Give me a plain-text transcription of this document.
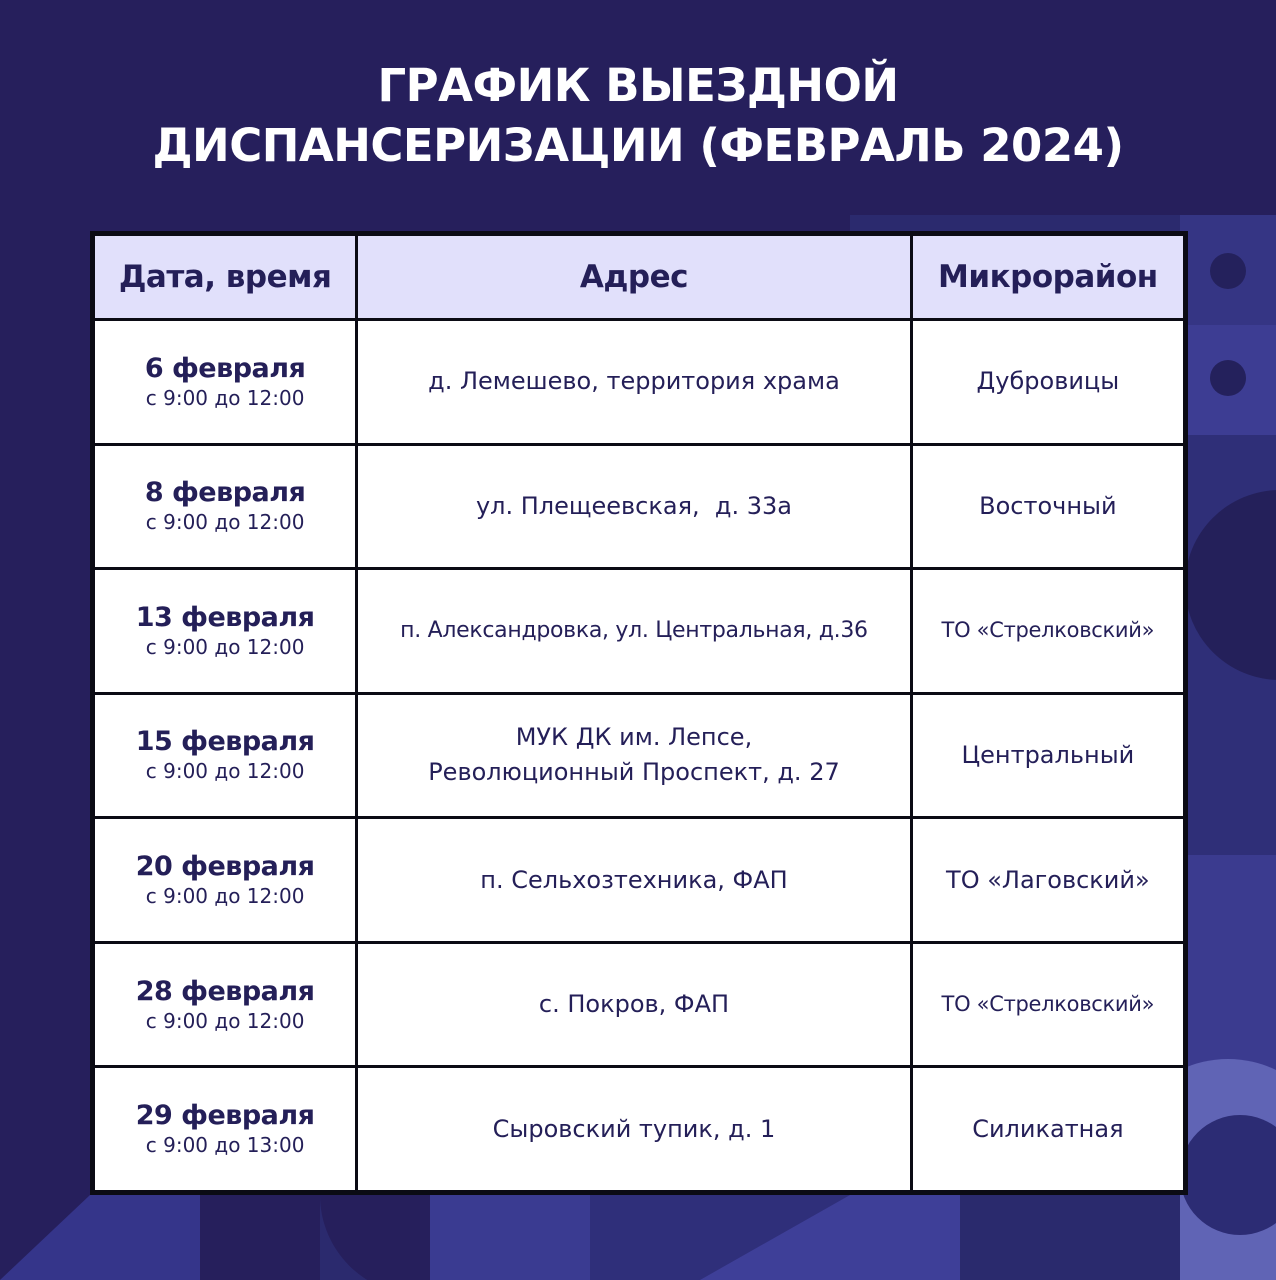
ГРАФИК ВЫЕЗДНОЙ
ДИСПАНСЕРИЗАЦИИ (ФЕВРАЛЬ 2024)
Дата, время	Адрес	Микрорайон

6 февраля
с 9:00 до 12:00	д. Лемешево, территория храма	Дубровицы

8 февраля
с 9:00 до 12:00	ул. Плещеевская,  д. 33а	Восточный

13 февраля
с 9:00 до 12:00	п. Александровка, ул. Центральная, д.36	ТО «Стрелковский»

15 февраля
с 9:00 до 12:00	МУК ДК им. Лепсе,
Революционный Проспект, д. 27	Центральный

20 февраля
с 9:00 до 12:00	п. Сельхозтехника, ФАП	ТО «Лаговский»

28 февраля
с 9:00 до 12:00	с. Покров, ФАП	ТО «Стрелковский»

29 февраля
с 9:00 до 13:00	Сыровский тупик, д. 1	Силикатная
